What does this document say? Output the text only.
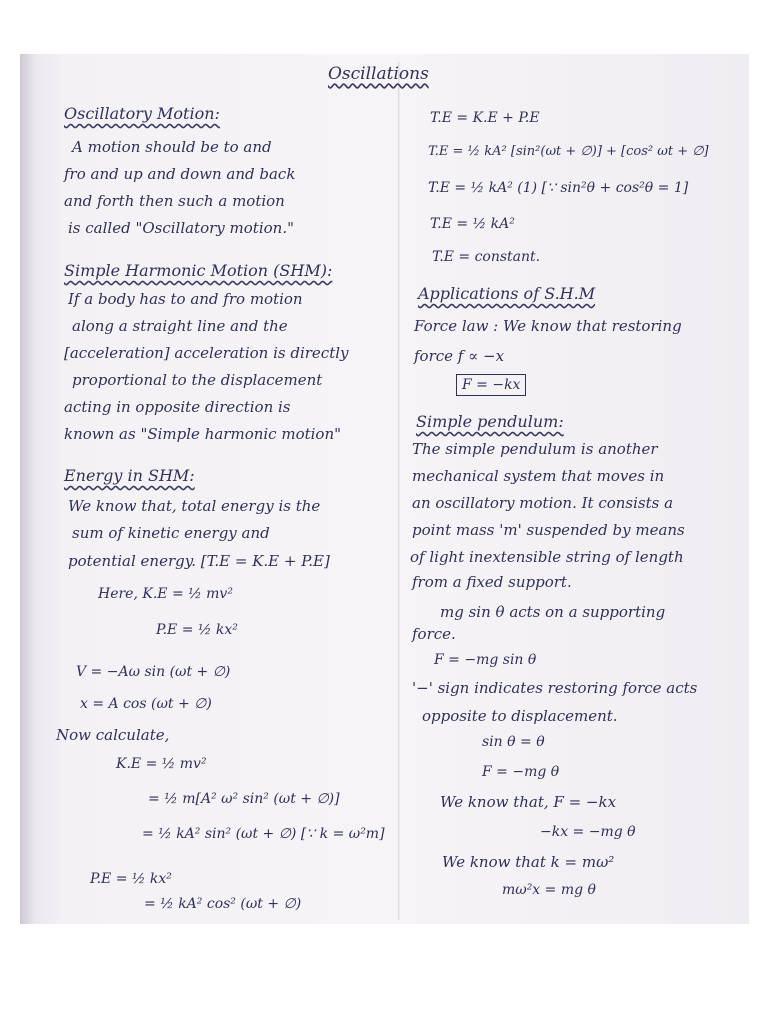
Oscillations
Oscillatory Motion:
A motion should be to and
fro and up and down and back
and forth then such a motion
is called "Oscillatory motion."
Simple Harmonic Motion (SHM):
If a body has to and fro motion
along a straight line and the
[acceleration] acceleration is directly
proportional to the displacement
acting in opposite direction is
known as "Simple harmonic motion"
Energy in SHM:
We know that, total energy is the
sum of kinetic energy and
potential energy. [T.E = K.E + P.E]
Here, K.E = ½ mv²
P.E = ½ kx²
V = −Aω sin (ωt + ∅)
x = A cos (ωt + ∅)
Now calculate,
K.E = ½ mv²
= ½ m[A² ω² sin² (ωt + ∅)]
= ½ kA² sin² (ωt + ∅) [∵ k = ω²m]
P.E = ½ kx²
= ½ kA² cos² (ωt + ∅)
T.E = K.E + P.E
T.E = ½ kA² [sin²(ωt + ∅)] + [cos² ωt + ∅]
T.E = ½ kA² (1) [∵ sin²θ + cos²θ = 1]
T.E = ½ kA²
T.E = constant.
Applications of S.H.M
Force law : We know that restoring
force f ∝ −x
F = −kx
Simple pendulum:
The simple pendulum is another
mechanical system that moves in
an oscillatory motion. It consists a
point mass 'm' suspended by means
of light inextensible string of length
from a fixed support.
mg sin θ acts on a supporting
force.
F = −mg sin θ
'−' sign indicates restoring force acts
opposite to displacement.
sin θ = θ
F = −mg θ
We know that, F = −kx
−kx = −mg θ
We know that k = mω²
mω²x = mg θ
